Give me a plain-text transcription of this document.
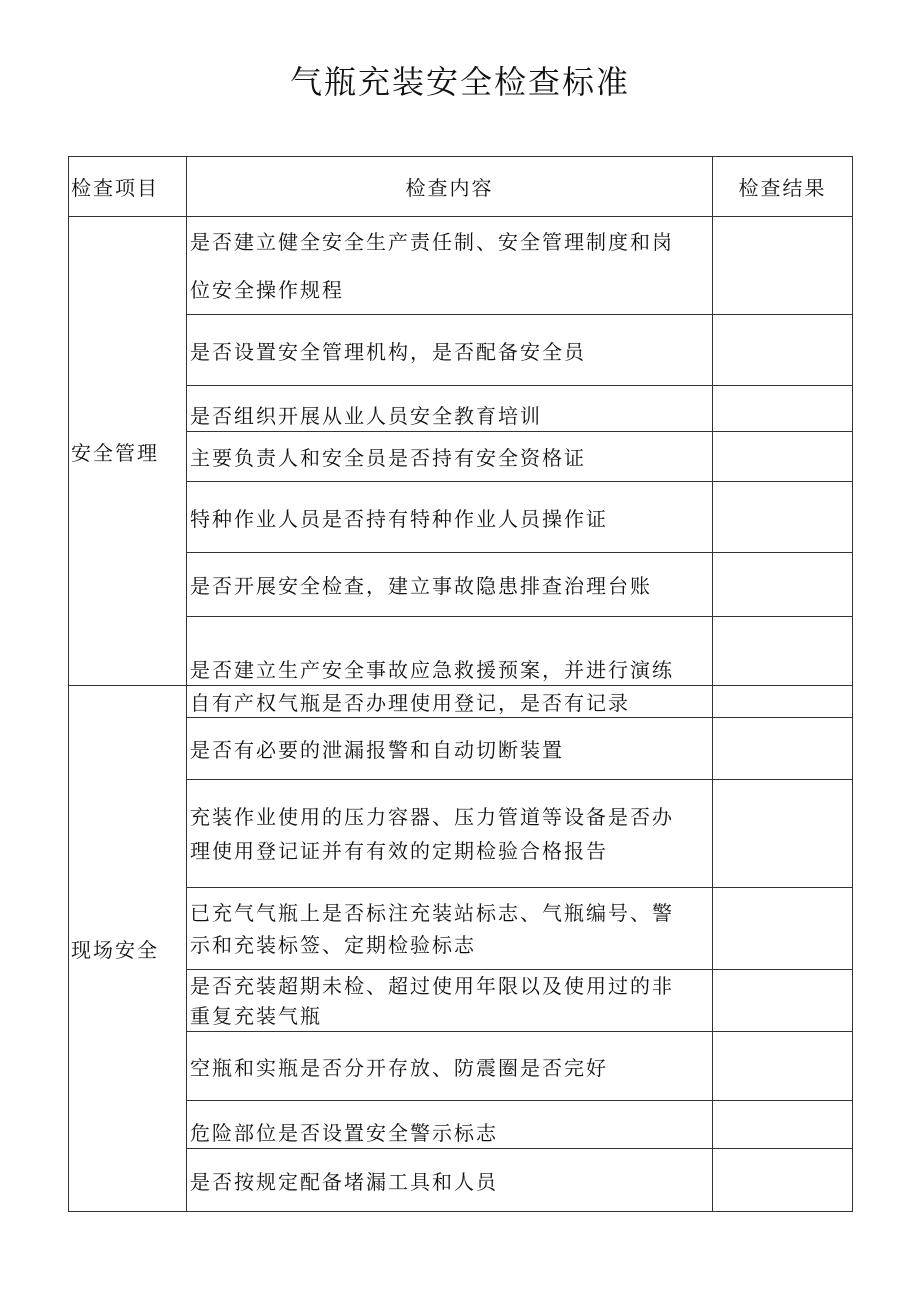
气瓶充装安全检查标准
检查项目	检查内容	检查结果
安全管理	是否建立健全安全生产责任制、安全管理制度和岗
位安全操作规程	

	是否设置安全管理机构，是否配备安全员	

	是否组织开展从业人员安全教育培训	

	主要负责人和安全员是否持有安全资格证	

	特种作业人员是否持有特种作业人员操作证	

	是否开展安全检查，建立事故隐患排查治理台账	

	是否建立生产安全事故应急救援预案，并进行演练	

现场安全	自有产权气瓶是否办理使用登记，是否有记录	

	是否有必要的泄漏报警和自动切断装置	

	充装作业使用的压力容器、压力管道等设备是否办
理使用登记证并有有效的定期检验合格报告	

	已充气气瓶上是否标注充装站标志、气瓶编号、警
示和充装标签、定期检验标志	

	是否充装超期未检、超过使用年限以及使用过的非
重复充装气瓶	

	空瓶和实瓶是否分开存放、防震圈是否完好	

	危险部位是否设置安全警示标志	

	是否按规定配备堵漏工具和人员	
